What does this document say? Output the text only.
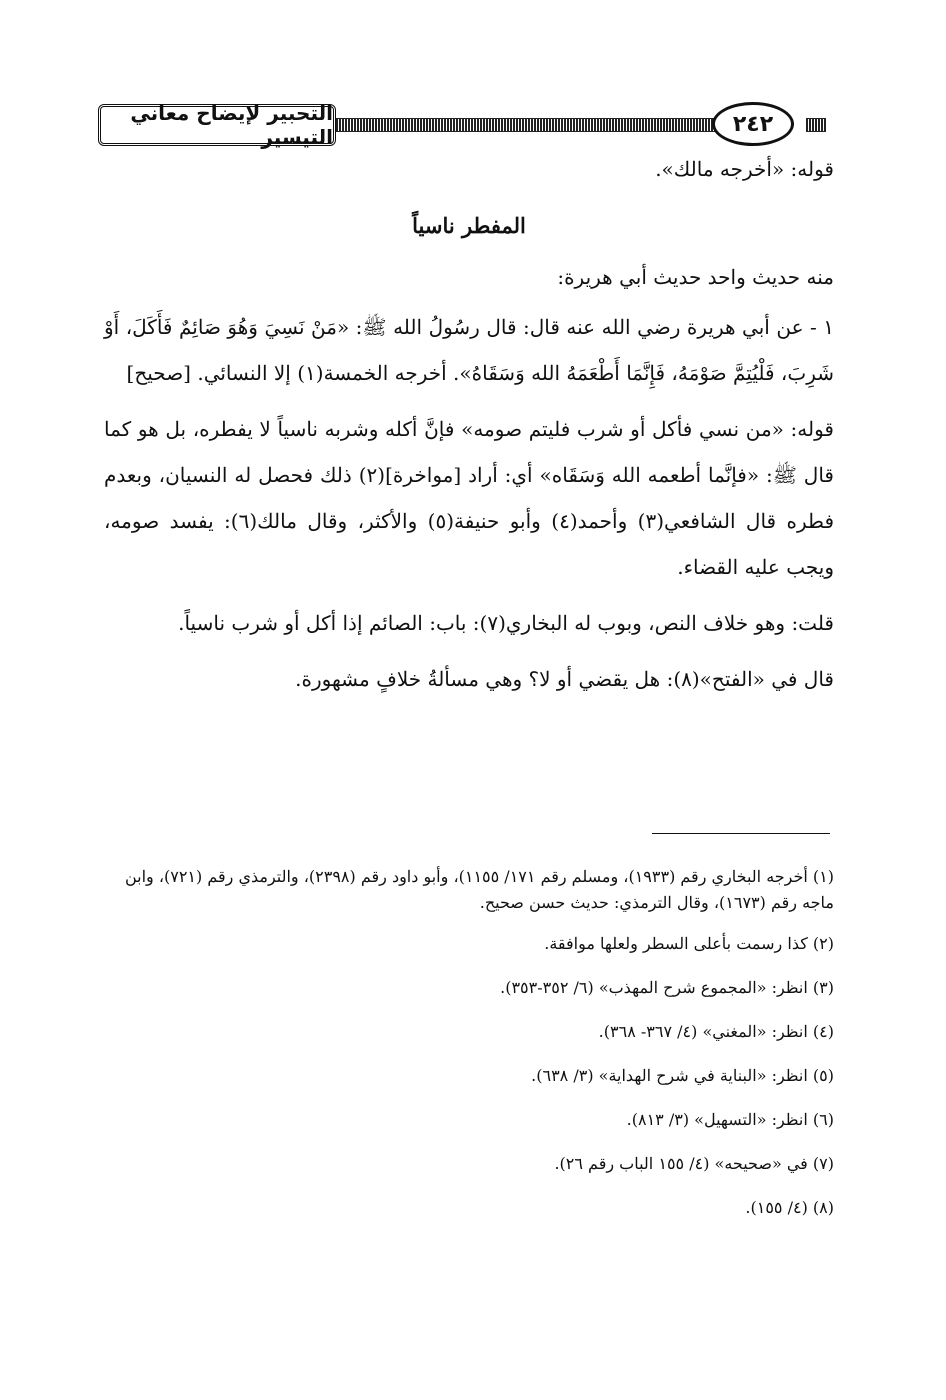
التحبير لإيضاح معاني التيسير
٢٤٢

قوله: «أخرجه مالك».

المفطر ناسياً

منه حديث واحد حديث أبي هريرة:

١ - عن أبي هريرة رضي الله عنه قال: قال رسُولُ الله ﷺ: «مَنْ نَسِيَ وَهُوَ صَائِمٌ فَأَكَلَ، أَوْ شَرِبَ، فَلْيُتِمَّ صَوْمَهُ، فَإِنَّمَا أَطْعَمَهُ الله وَسَقَاهُ». أخرجه الخمسة(١) إلا النسائي. [صحيح]

قوله: «من نسي فأكل أو شرب فليتم صومه» فإنَّ أكله وشربه ناسياً لا يفطره، بل هو كما قال ﷺ: «فإنَّما أطعمه الله وَسَقَاه» أي: أراد [مواخرة](٢) ذلك فحصل له النسيان، وبعدم فطره قال الشافعي(٣) وأحمد(٤) وأبو حنيفة(٥) والأكثر، وقال مالك(٦): يفسد صومه، ويجب عليه القضاء.

قلت: وهو خلاف النص، وبوب له البخاري(٧): باب: الصائم إذا أكل أو شرب ناسياً.

قال في «الفتح»(٨): هل يقضي أو لا؟ وهي مسألةُ خلافٍ مشهورة.

(١) أخرجه البخاري رقم (١٩٣٣)، ومسلم رقم ١٧١/ ١١٥٥)، وأبو داود رقم (٢٣٩٨)، والترمذي رقم (٧٢١)، وابن ماجه رقم (١٦٧٣)، وقال الترمذي: حديث حسن صحيح.

(٢) كذا رسمت بأعلى السطر ولعلها موافقة.

(٣) انظر: «المجموع شرح المهذب» (٦/ ٣٥٢-٣٥٣).

(٤) انظر: «المغني» (٤/ ٣٦٧- ٣٦٨).

(٥) انظر: «البناية في شرح الهداية» (٣/ ٦٣٨).

(٦) انظر: «التسهيل» (٣/ ٨١٣).

(٧) في «صحيحه» (٤/ ١٥٥ الباب رقم ٢٦).

(٨) (٤/ ١٥٥).
